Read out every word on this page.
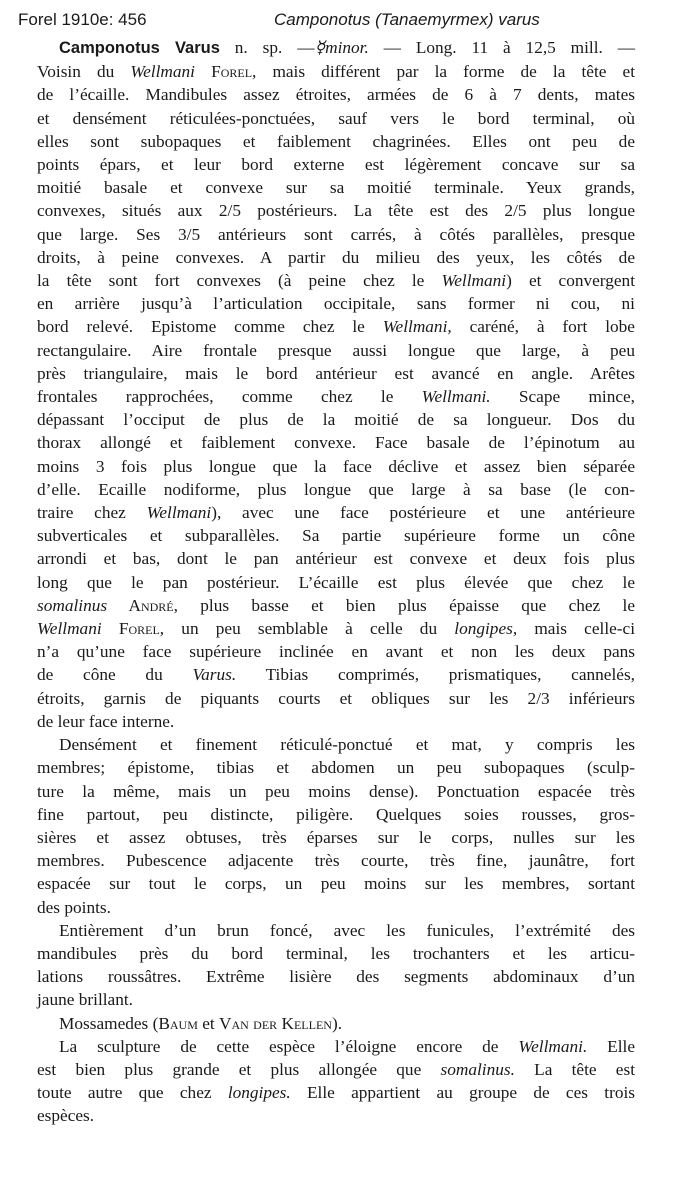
Forel 1910e: 456	Camponotus (Tanaemyrmex) varus
Camponotus Varus n. sp. —☿minor. — Long. 11 à 12,5 mill. —
Voisin du Wellmani Forel, mais différent par la forme de la tête et
de l’écaille. Mandibules assez étroites, armées de 6 à 7 dents, mates
et densément réticulées-ponctuées, sauf vers le bord terminal, où
elles sont subopaques et faiblement chagrinées. Elles ont peu de
points épars, et leur bord externe est légèrement concave sur sa
moitié basale et convexe sur sa moitié terminale. Yeux grands,
convexes, situés aux 2/5 postérieurs. La tête est des 2/5 plus longue
que large. Ses 3/5 antérieurs sont carrés, à côtés parallèles, presque
droits, à peine convexes. A partir du milieu des yeux, les côtés de
la tête sont fort convexes (à peine chez le Wellmani) et convergent
en arrière jusqu’à l’articulation occipitale, sans former ni cou, ni
bord relevé. Epistome comme chez le Wellmani, caréné, à fort lobe
rectangulaire. Aire frontale presque aussi longue que large, à peu
près triangulaire, mais le bord antérieur est avancé en angle. Arêtes
frontales rapprochées, comme chez le Wellmani. Scape mince,
dépassant l’occiput de plus de la moitié de sa longueur. Dos du
thorax allongé et faiblement convexe. Face basale de l’épinotum au
moins 3 fois plus longue que la face déclive et assez bien séparée
d’elle. Ecaille nodiforme, plus longue que large à sa base (le con-
traire chez Wellmani), avec une face postérieure et une antérieure
subverticales et subparallèles. Sa partie supérieure forme un cône
arrondi et bas, dont le pan antérieur est convexe et deux fois plus
long que le pan postérieur. L’écaille est plus élevée que chez le
somalinus André, plus basse et bien plus épaisse que chez le
Wellmani Forel, un peu semblable à celle du longipes, mais celle-ci
n’a qu’une face supérieure inclinée en avant et non les deux pans
de cône du Varus. Tibias comprimés, prismatiques, cannelés,
étroits, garnis de piquants courts et obliques sur les 2/3 inférieurs
de leur face interne.
Densément et finement réticulé-ponctué et mat, y compris les
membres; épistome, tibias et abdomen un peu subopaques (sculp-
ture la même, mais un peu moins dense). Ponctuation espacée très
fine partout, peu distincte, piligère. Quelques soies rousses, gros-
sières et assez obtuses, très éparses sur le corps, nulles sur les
membres. Pubescence adjacente très courte, très fine, jaunâtre, fort
espacée sur tout le corps, un peu moins sur les membres, sortant
des points.
Entièrement d’un brun foncé, avec les funicules, l’extrémité des
mandibules près du bord terminal, les trochanters et les articu-
lations roussâtres. Extrême lisière des segments abdominaux d’un
jaune brillant.
Mossamedes (Baum et Van der Kellen).
La sculpture de cette espèce l’éloigne encore de Wellmani. Elle
est bien plus grande et plus allongée que somalinus. La tête est
toute autre que chez longipes. Elle appartient au groupe de ces trois
espèces.
